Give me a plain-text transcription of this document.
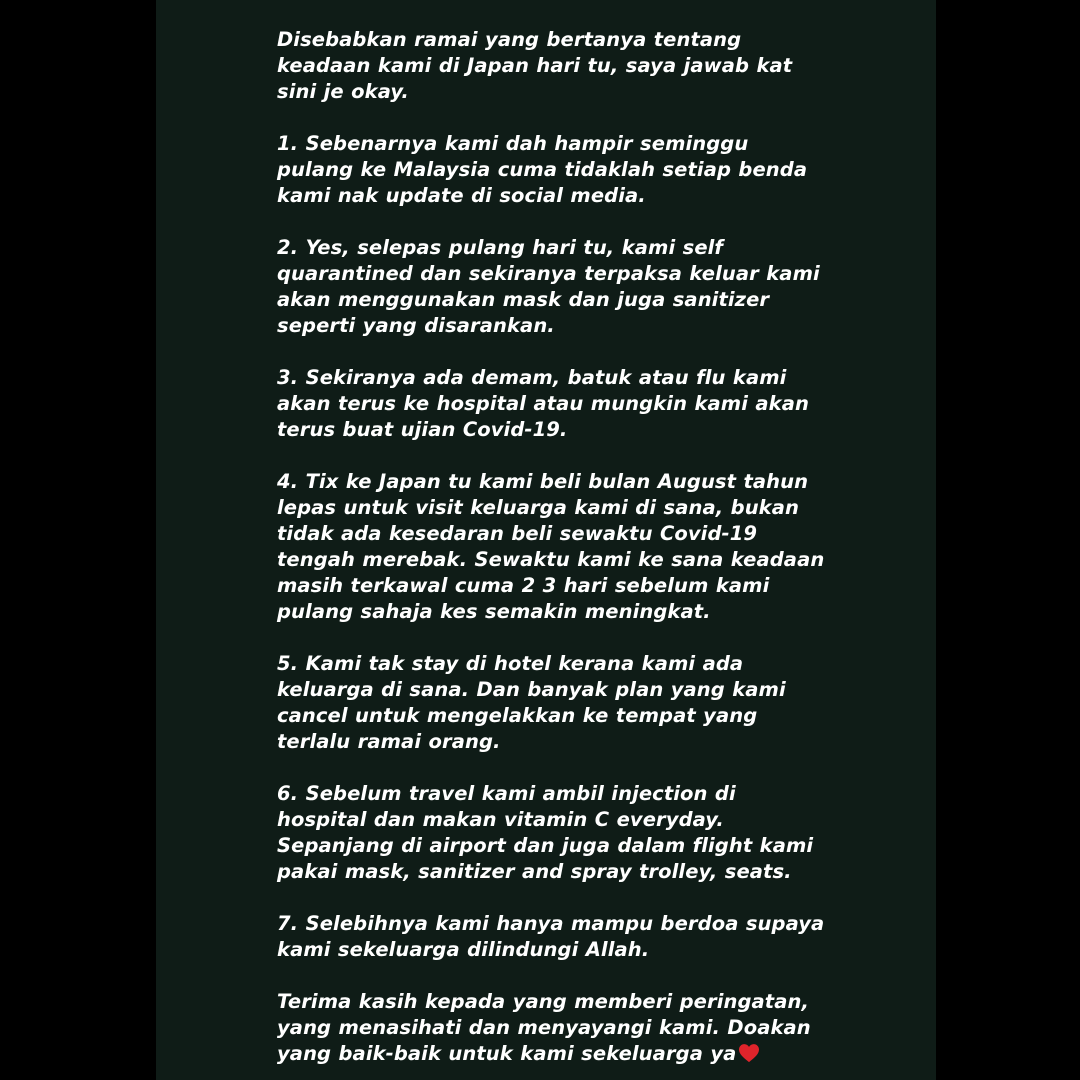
Disebabkan ramai yang bertanya tentang
keadaan kami di Japan hari tu, saya jawab kat
sini je okay.

1. Sebenarnya kami dah hampir seminggu
pulang ke Malaysia cuma tidaklah setiap benda
kami nak update di social media.

2. Yes, selepas pulang hari tu, kami self
quarantined dan sekiranya terpaksa keluar kami
akan menggunakan mask dan juga sanitizer
seperti yang disarankan.

3. Sekiranya ada demam, batuk atau flu kami
akan terus ke hospital atau mungkin kami akan
terus buat ujian Covid-19.

4. Tix ke Japan tu kami beli bulan August tahun
lepas untuk visit keluarga kami di sana, bukan
tidak ada kesedaran beli sewaktu Covid-19
tengah merebak. Sewaktu kami ke sana keadaan
masih terkawal cuma 2 3 hari sebelum kami
pulang sahaja kes semakin meningkat.

5. Kami tak stay di hotel kerana kami ada
keluarga di sana. Dan banyak plan yang kami
cancel untuk mengelakkan ke tempat yang
terlalu ramai orang.

6. Sebelum travel kami ambil injection di
hospital dan makan vitamin C everyday.
Sepanjang di airport dan juga dalam flight kami
pakai mask, sanitizer and spray trolley, seats.

7. Selebihnya kami hanya mampu berdoa supaya
kami sekeluarga dilindungi Allah.

Terima kasih kepada yang memberi peringatan,
yang menasihati dan menyayangi kami. Doakan
yang baik-baik untuk kami sekeluarga ya
